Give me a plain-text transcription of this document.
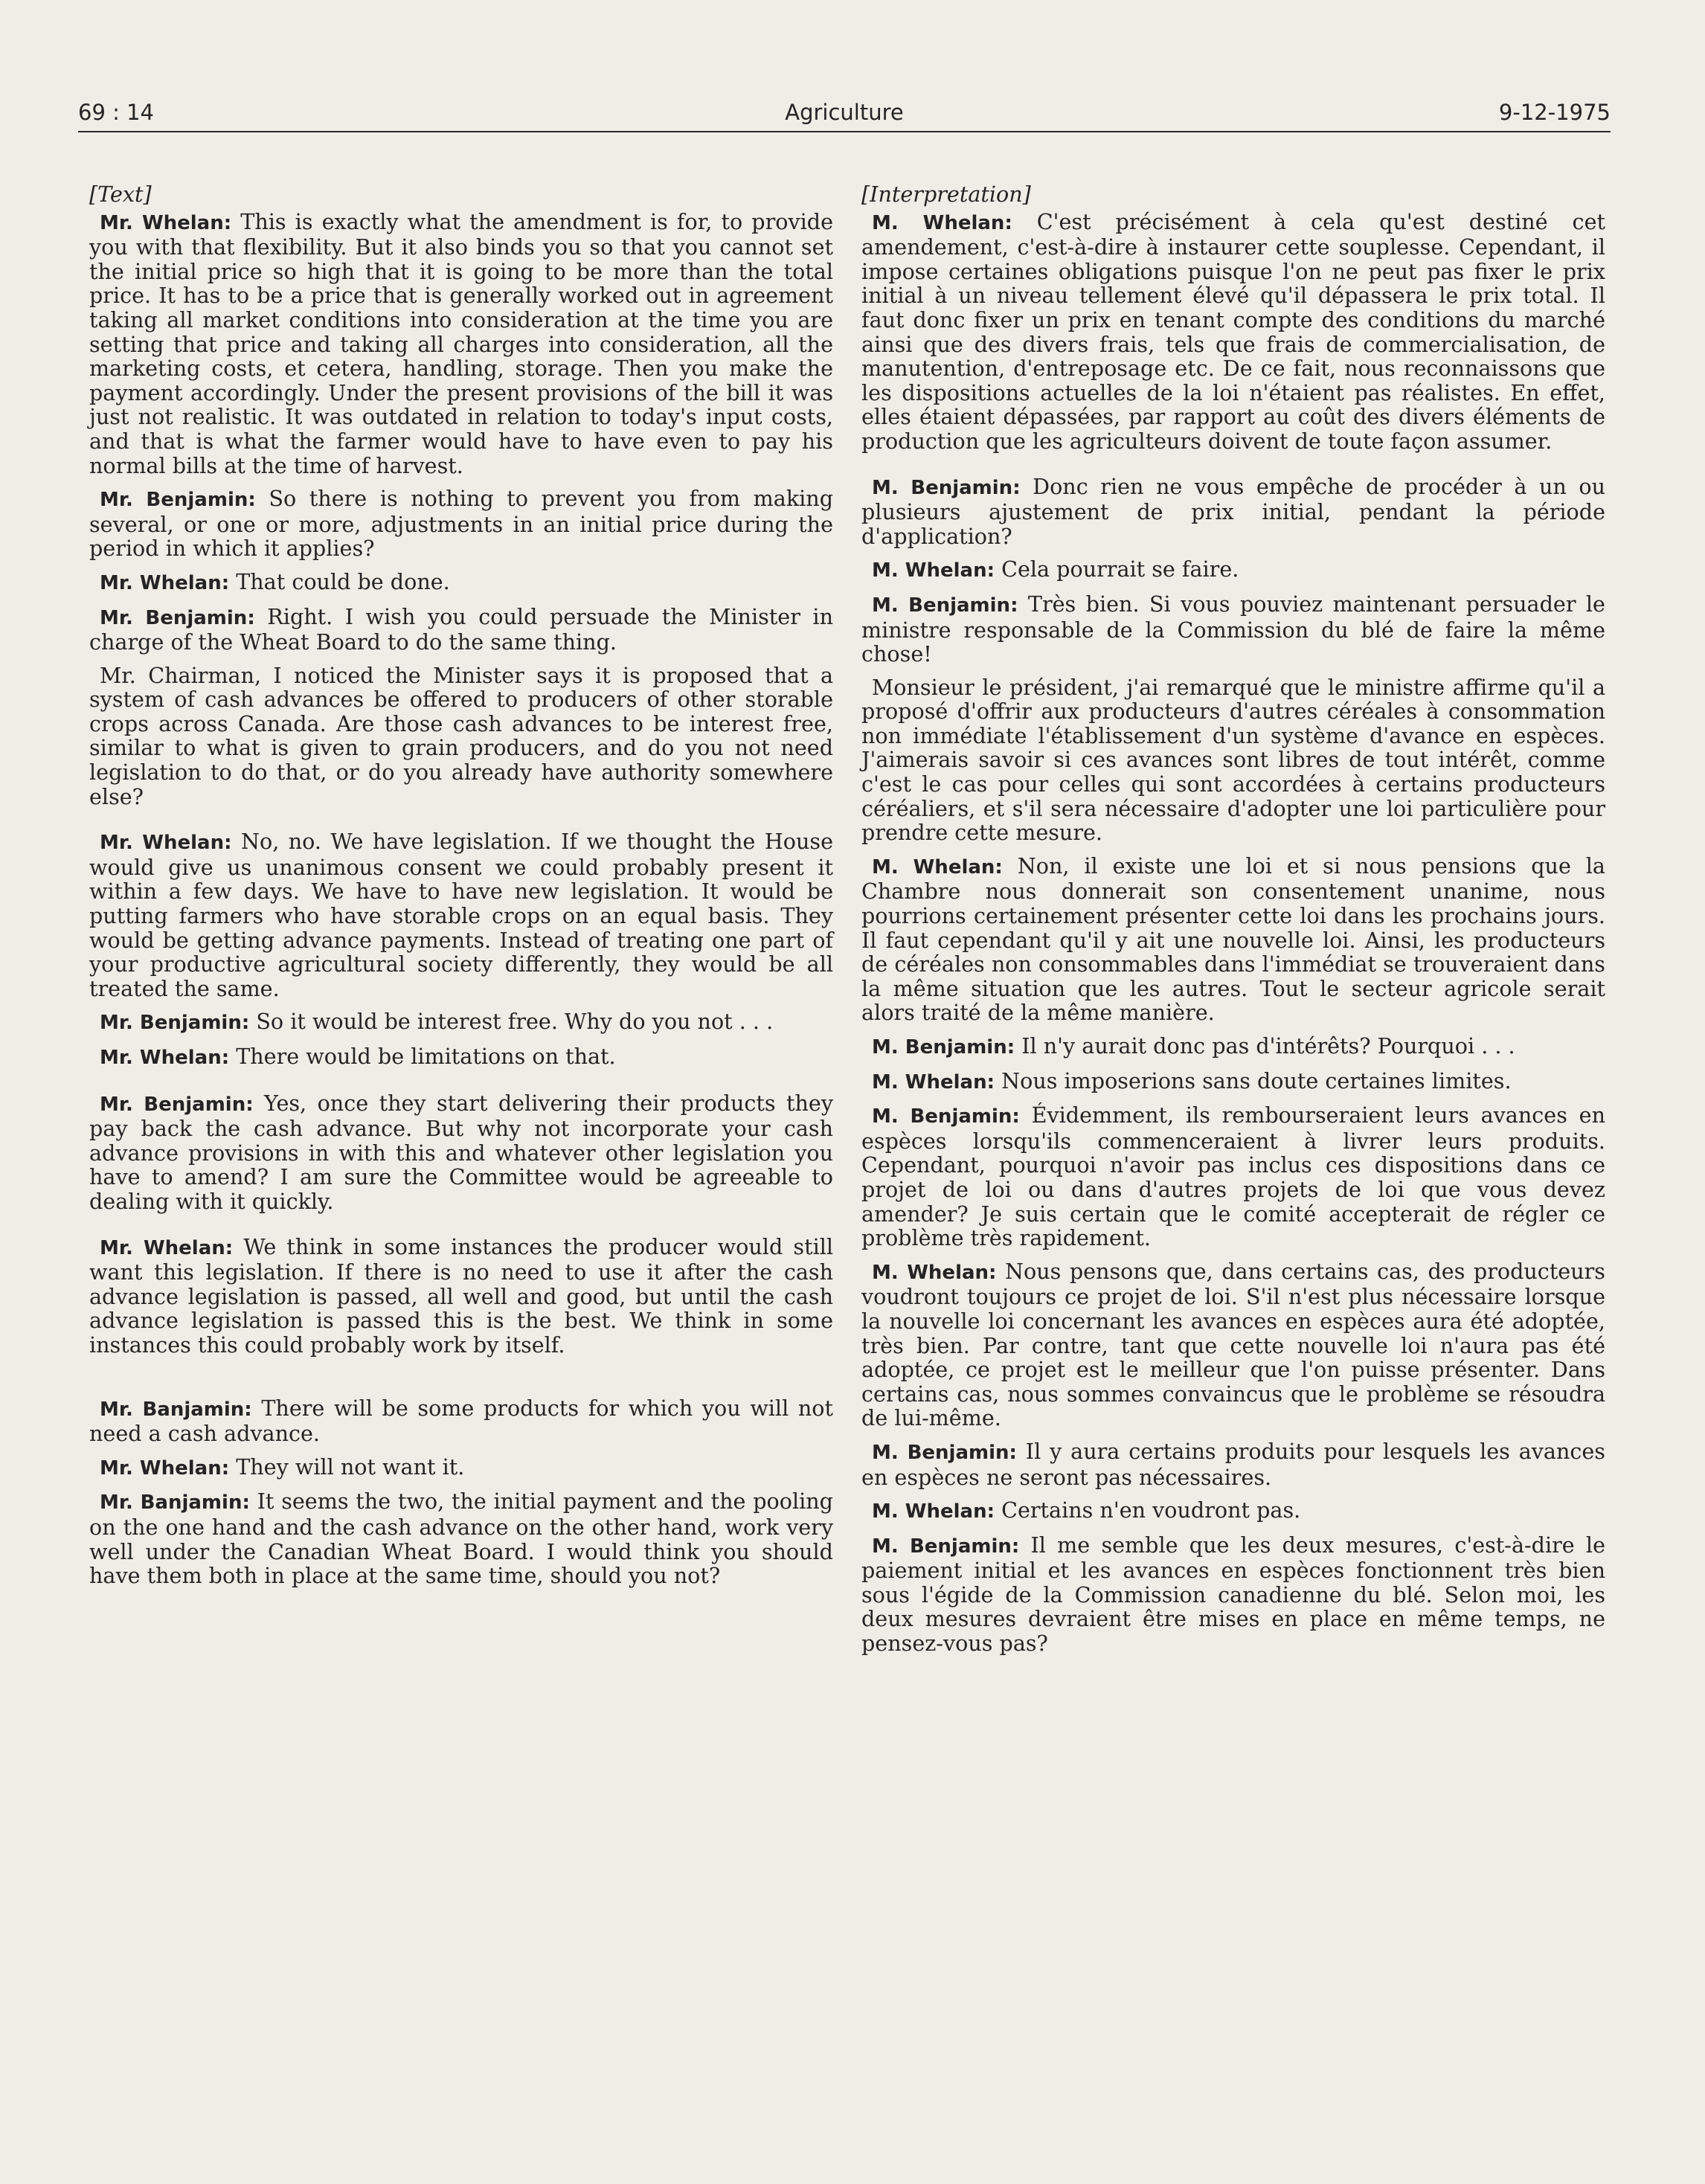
69 : 14	Agriculture	9-12-1975
[Text]

Mr. Whelan: This is exactly what the amendment is for, to provide you with that flexibility. But it also binds you so that you cannot set the initial price so high that it is going to be more than the total price. It has to be a price that is generally worked out in agreement taking all market conditions into consideration at the time you are setting that price and taking all charges into consideration, all the marketing costs, et cetera, handling, storage. Then you make the payment accordingly. Under the present provisions of the bill it was just not realistic. It was outdated in relation to today's input costs, and that is what the farmer would have to have even to pay his normal bills at the time of harvest.

Mr. Benjamin: So there is nothing to prevent you from making several, or one or more, adjustments in an initial price during the period in which it applies?

Mr. Whelan: That could be done.

Mr. Benjamin: Right. I wish you could persuade the Minister in charge of the Wheat Board to do the same thing.

Mr. Chairman, I noticed the Minister says it is proposed that a system of cash advances be offered to producers of other storable crops across Canada. Are those cash advances to be interest free, similar to what is given to grain producers, and do you not need legislation to do that, or do you already have authority somewhere else?

Mr. Whelan: No, no. We have legislation. If we thought the House would give us unanimous consent we could probably present it within a few days. We have to have new legislation. It would be putting farmers who have storable crops on an equal basis. They would be getting advance payments. Instead of treating one part of your productive agricultural society differently, they would be all treated the same.

Mr. Benjamin: So it would be interest free. Why do you not . . .

Mr. Whelan: There would be limitations on that.

Mr. Benjamin: Yes, once they start delivering their products they pay back the cash advance. But why not incorporate your cash advance provisions in with this and whatever other legislation you have to amend? I am sure the Committee would be agreeable to dealing with it quickly.

Mr. Whelan: We think in some instances the producer would still want this legislation. If there is no need to use it after the cash advance legislation is passed, all well and good, but until the cash advance legislation is passed this is the best. We think in some instances this could probably work by itself.

Mr. Banjamin: There will be some products for which you will not need a cash advance.

Mr. Whelan: They will not want it.

Mr. Banjamin: It seems the two, the initial payment and the pooling on the one hand and the cash advance on the other hand, work very well under the Canadian Wheat Board. I would think you should have them both in place at the same time, should you not?

[Interpretation]

M. Whelan: C'est précisément à cela qu'est destiné cet amendement, c'est-à-dire à instaurer cette souplesse. Cependant, il impose certaines obligations puisque l'on ne peut pas fixer le prix initial à un niveau tellement élevé qu'il dépassera le prix total. Il faut donc fixer un prix en tenant compte des conditions du marché ainsi que des divers frais, tels que frais de commercialisation, de manutention, d'entreposage etc. De ce fait, nous reconnaissons que les dispositions actuelles de la loi n'étaient pas réalistes. En effet, elles étaient dépassées, par rapport au coût des divers éléments de production que les agriculteurs doivent de toute façon assumer.

M. Benjamin: Donc rien ne vous empêche de procéder à un ou plusieurs ajustement de prix initial, pendant la période d'application?

M. Whelan: Cela pourrait se faire.

M. Benjamin: Très bien. Si vous pouviez maintenant persuader le ministre responsable de la Commission du blé de faire la même chose!

Monsieur le président, j'ai remarqué que le ministre affirme qu'il a proposé d'offrir aux producteurs d'autres céréales à consommation non immédiate l'établissement d'un système d'avance en espèces. J'aimerais savoir si ces avances sont libres de tout intérêt, comme c'est le cas pour celles qui sont accordées à certains producteurs céréaliers, et s'il sera nécessaire d'adopter une loi particulière pour prendre cette mesure.

M. Whelan: Non, il existe une loi et si nous pensions que la Chambre nous donnerait son consentement unanime, nous pourrions certainement présenter cette loi dans les prochains jours. Il faut cependant qu'il y ait une nouvelle loi. Ainsi, les producteurs de céréales non consommables dans l'immédiat se trouveraient dans la même situation que les autres. Tout le secteur agricole serait alors traité de la même manière.

M. Benjamin: Il n'y aurait donc pas d'intérêts? Pourquoi . . .

M. Whelan: Nous imposerions sans doute certaines limites.

M. Benjamin: Évidemment, ils rembourseraient leurs avances en espèces lorsqu'ils commenceraient à livrer leurs produits. Cependant, pourquoi n'avoir pas inclus ces dispositions dans ce projet de loi ou dans d'autres projets de loi que vous devez amender? Je suis certain que le comité accepterait de régler ce problème très rapidement.

M. Whelan: Nous pensons que, dans certains cas, des producteurs voudront toujours ce projet de loi. S'il n'est plus nécessaire lorsque la nouvelle loi concernant les avances en espèces aura été adoptée, très bien. Par contre, tant que cette nouvelle loi n'aura pas été adoptée, ce projet est le meilleur que l'on puisse présenter. Dans certains cas, nous sommes convaincus que le problème se résoudra de lui-même.

M. Benjamin: Il y aura certains produits pour lesquels les avances en espèces ne seront pas nécessaires.

M. Whelan: Certains n'en voudront pas.

M. Benjamin: Il me semble que les deux mesures, c'est-à-dire le paiement initial et les avances en espèces fonctionnent très bien sous l'égide de la Commission canadienne du blé. Selon moi, les deux mesures devraient être mises en place en même temps, ne pensez-vous pas?
